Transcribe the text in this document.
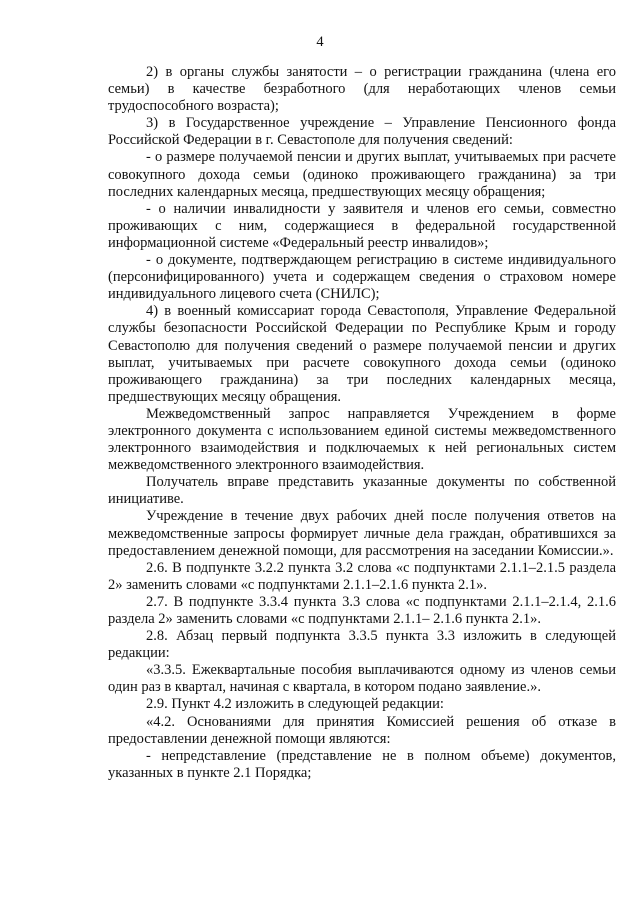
4

2) в органы службы занятости – о регистрации гражданина (члена его семьи) в качестве безработного (для неработающих членов семьи трудоспособного возраста);

3) в Государственное учреждение – Управление Пенсионного фонда Российской Федерации в г. Севастополе для получения сведений:

- о размере получаемой пенсии и других выплат, учитываемых при расчете совокупного дохода семьи (одиноко проживающего гражданина) за три последних календарных месяца, предшествующих месяцу обращения;

- о наличии инвалидности у заявителя и членов его семьи, совместно проживающих с ним, содержащиеся в федеральной государственной информационной системе «Федеральный реестр инвалидов»;

- о документе, подтверждающем регистрацию в системе индивидуального (персонифицированного) учета и содержащем сведения о страховом номере индивидуального лицевого счета (СНИЛС);

4) в военный комиссариат города Севастополя, Управление Федеральной службы безопасности Российской Федерации по Республике Крым и городу Севастополю для получения сведений о размере получаемой пенсии и других выплат, учитываемых при расчете совокупного дохода семьи (одиноко проживающего гражданина) за три последних календарных месяца, предшествующих месяцу обращения.

Межведомственный запрос направляется Учреждением в форме электронного документа с использованием единой системы межведомственного электронного взаимодействия и подключаемых к ней региональных систем межведомственного электронного взаимодействия.

Получатель вправе представить указанные документы по собственной инициативе.

Учреждение в течение двух рабочих дней после получения ответов на межведомственные запросы формирует личные дела граждан, обратившихся за предоставлением денежной помощи, для рассмотрения на заседании Комиссии.».

2.6. В подпункте 3.2.2 пункта 3.2 слова «с подпунктами 2.1.1–2.1.5 раздела 2» заменить словами «с подпунктами 2.1.1–2.1.6 пункта 2.1».

2.7. В подпункте 3.3.4 пункта 3.3 слова «с подпунктами 2.1.1–2.1.4, 2.1.6 раздела 2» заменить словами «с подпунктами 2.1.1– 2.1.6 пункта 2.1».

2.8. Абзац первый подпункта 3.3.5 пункта 3.3 изложить в следующей редакции:

«3.3.5. Ежеквартальные пособия выплачиваются одному из членов семьи один раз в квартал, начиная с квартала, в котором подано заявление.».

2.9. Пункт 4.2 изложить в следующей редакции:

«4.2. Основаниями для принятия Комиссией решения об отказе в предоставлении денежной помощи являются:

- непредставление (представление не в полном объеме) документов, указанных в пункте 2.1 Порядка;
